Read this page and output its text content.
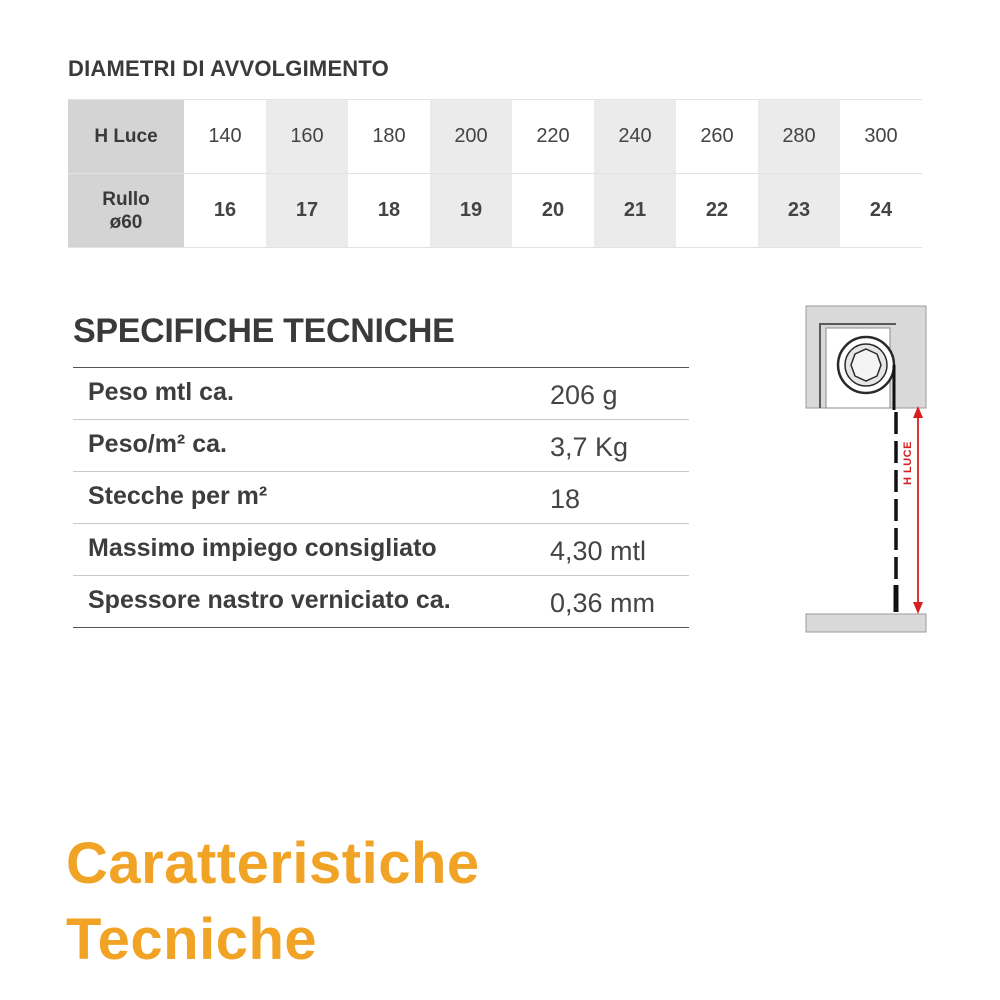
DIAMETRI DI AVVOLGIMENTO
H Luce	140	160	180	200	220	240	260	280	300
Rullo
ø60	16	17	18	19	20	21	22	23	24
SPECIFICHE TECNICHE
Peso mtl ca.	206 g
Peso/m² ca.	3,7 Kg
Stecche per m²	18
Massimo impiego consigliato	4,30 mtl
Spessore nastro verniciato ca.	0,36 mm
H LUCE
Caratteristiche
Tecniche
